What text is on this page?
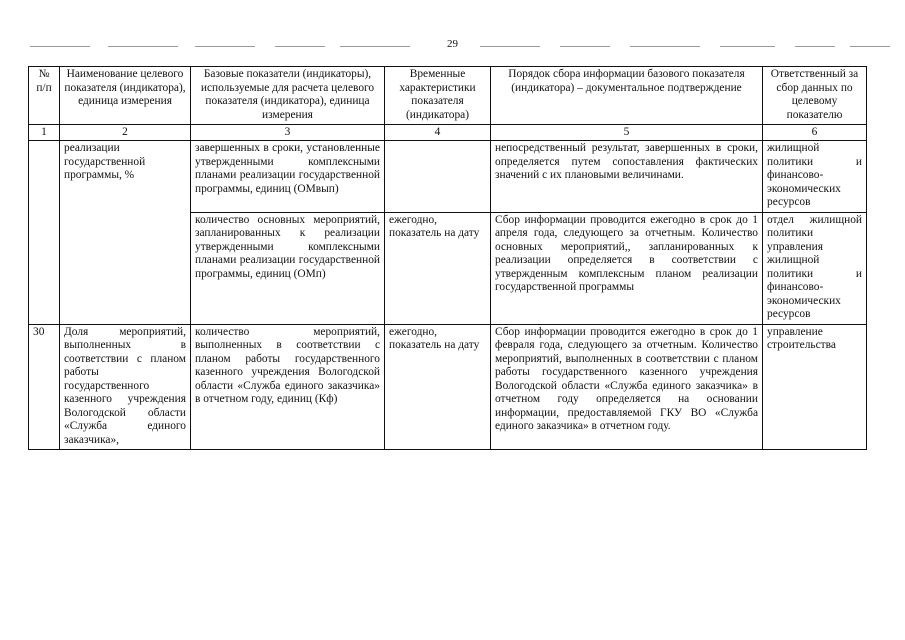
29
№ п/п	Наименование целевого показателя (индикатора), единица измерения	Базовые показатели (индикаторы), используемые для расчета целевого показателя (индикатора), единица измерения	Временные характеристики показателя (индикатора)	Порядок сбора информации базового показателя (индикатора) – документальное подтверждение	Ответственный за сбор данных по целевому показателю
1	2	3	4	5	6
	реализации государственной программы, %	завершенных в сроки, установленные утвержденными комплексными планами реализации государственной программы, единиц (ОМвып)		непосредственный результат, завершенных в сроки, определяется путем сопоставления фактических значений с их плановыми величинами.	жилищной политики и финансово-экономических ресурсов
		количество основных мероприятий, запланированных к реализации утвержденными комплексными планами реализации государственной программы, единиц (ОМп)	ежегодно, показатель на дату	Сбор информации проводится ежегодно в срок до 1 апреля года, следующего за отчетным. Количество основных мероприятий,, запланированных к реализации определяется в соответствии с утвержденным комплексным планом реализации государственной программы	отдел жилищной политики управления жилищной политики и финансово-экономических ресурсов
30	Доля мероприятий, выполненных в соответствии с планом работы государственного казенного учреждения Вологодской области «Служба единого заказчика»,	количество мероприятий, выполненных в соответствии с планом работы государственного казенного учреждения Вологодской области «Служба единого заказчика» в отчетном году, единиц (Кф)	ежегодно, показатель на дату	Сбор информации проводится ежегодно в срок до 1 февраля года, следующего за отчетным. Количество мероприятий, выполненных в соответствии с планом работы государственного казенного учреждения Вологодской области «Служба единого заказчика» в отчетном году определяется на основании информации, предоставляемой ГКУ ВО «Служба единого заказчика» в отчетном году.	управление строительства
